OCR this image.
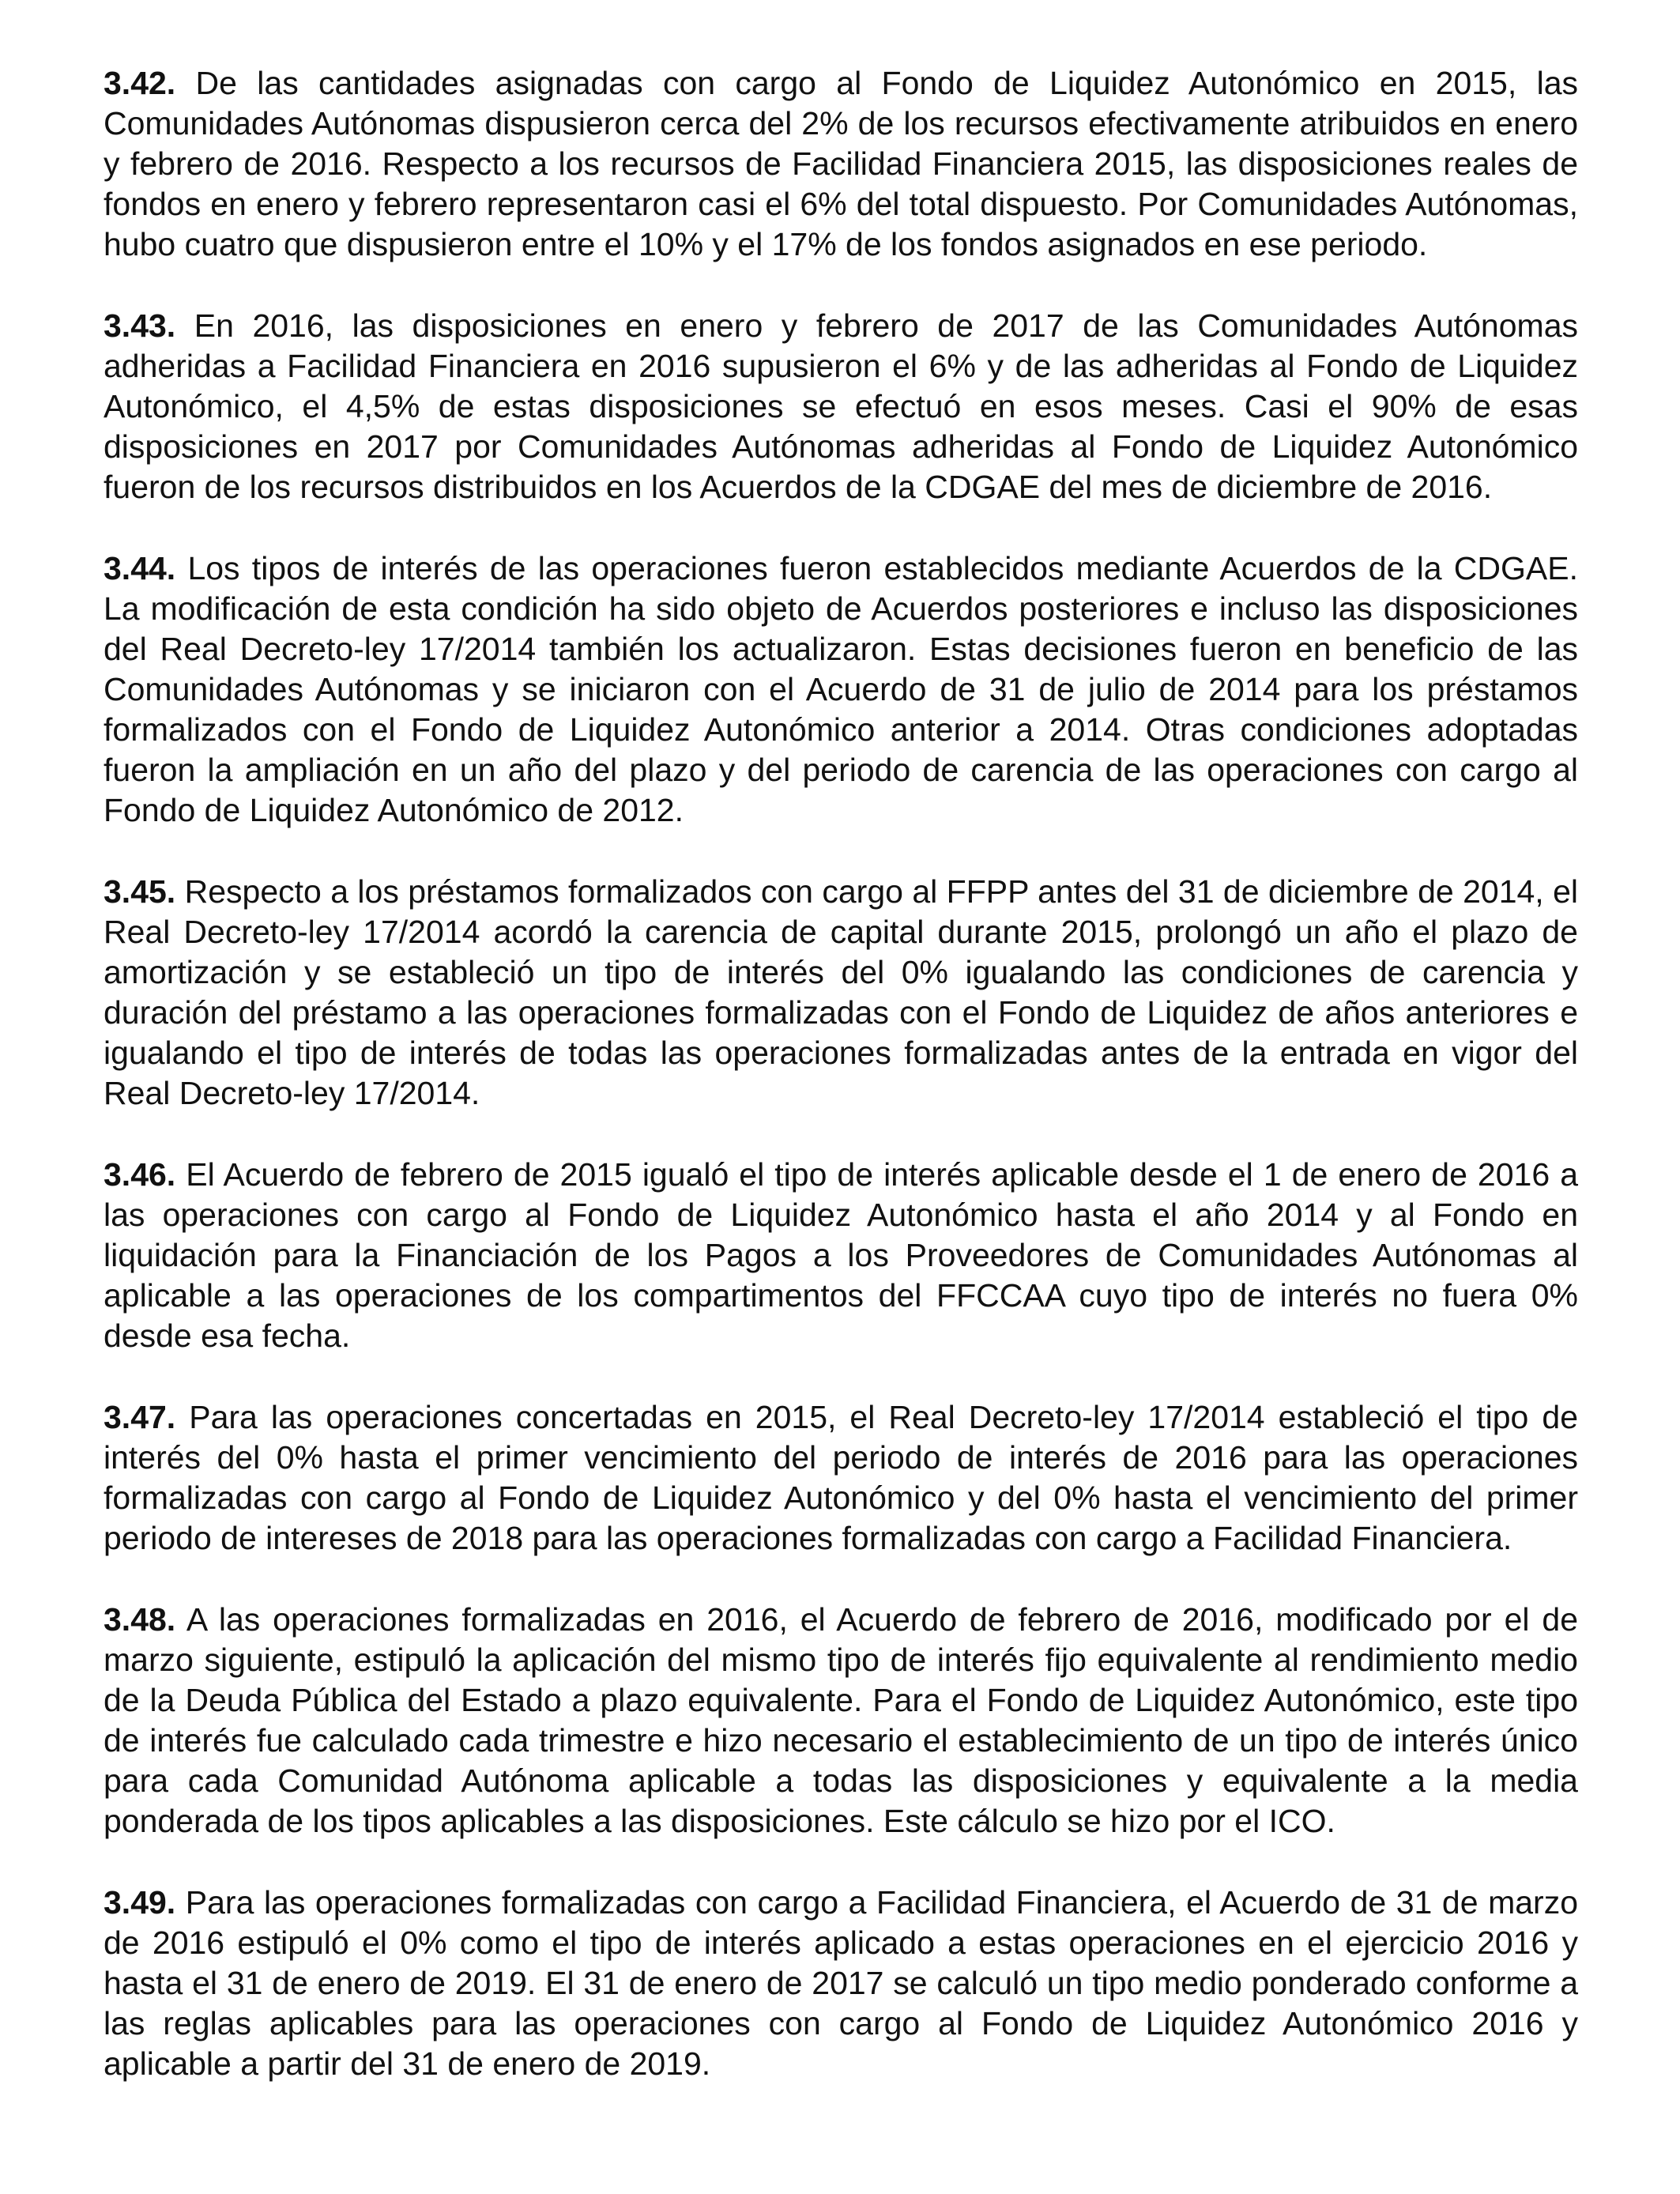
3.42. De las cantidades asignadas con cargo al Fondo de Liquidez Autonómico en 2015, las Comunidades Autónomas dispusieron cerca del 2% de los recursos efectivamente atribuidos en enero y febrero de 2016. Respecto a los recursos de Facilidad Financiera 2015, las disposiciones reales de fondos en enero y febrero representaron casi el 6% del total dispuesto. Por Comunidades Autónomas, hubo cuatro que dispusieron entre el 10% y el 17% de los fondos asignados en ese periodo.

3.43. En 2016, las disposiciones en enero y febrero de 2017 de las Comunidades Autónomas adheridas a Facilidad Financiera en 2016 supusieron el 6% y de las adheridas al Fondo de Liquidez Autonómico, el 4,5% de estas disposiciones se efectuó en esos meses. Casi el 90% de esas disposiciones en 2017 por Comunidades Autónomas adheridas al Fondo de Liquidez Autonómico fueron de los recursos distribuidos en los Acuerdos de la CDGAE del mes de diciembre de 2016.

3.44. Los tipos de interés de las operaciones fueron establecidos mediante Acuerdos de la CDGAE. La modificación de esta condición ha sido objeto de Acuerdos posteriores e incluso las disposiciones del Real Decreto-ley 17/2014 también los actualizaron. Estas decisiones fueron en beneficio de las Comunidades Autónomas y se iniciaron con el Acuerdo de 31 de julio de 2014 para los préstamos formalizados con el Fondo de Liquidez Autonómico anterior a 2014. Otras condiciones adoptadas fueron la ampliación en un año del plazo y del periodo de carencia de las operaciones con cargo al Fondo de Liquidez Autonómico de 2012.

3.45. Respecto a los préstamos formalizados con cargo al FFPP antes del 31 de diciembre de 2014, el Real Decreto-ley 17/2014 acordó la carencia de capital durante 2015, prolongó un año el plazo de amortización y se estableció un tipo de interés del 0% igualando las condiciones de carencia y duración del préstamo a las operaciones formalizadas con el Fondo de Liquidez de años anteriores e igualando el tipo de interés de todas las operaciones formalizadas antes de la entrada en vigor del Real Decreto-ley 17/2014.

3.46. El Acuerdo de febrero de 2015 igualó el tipo de interés aplicable desde el 1 de enero de 2016 a las operaciones con cargo al Fondo de Liquidez Autonómico hasta el año 2014 y al Fondo en liquidación para la Financiación de los Pagos a los Proveedores de Comunidades Autónomas al aplicable a las operaciones de los compartimentos del FFCCAA cuyo tipo de interés no fuera 0% desde esa fecha.

3.47. Para las operaciones concertadas en 2015, el Real Decreto-ley 17/2014 estableció el tipo de interés del 0% hasta el primer vencimiento del periodo de interés de 2016 para las operaciones formalizadas con cargo al Fondo de Liquidez Autonómico y del 0% hasta el vencimiento del primer periodo de intereses de 2018 para las operaciones formalizadas con cargo a Facilidad Financiera.

3.48. A las operaciones formalizadas en 2016, el Acuerdo de febrero de 2016, modificado por el de marzo siguiente, estipuló la aplicación del mismo tipo de interés fijo equivalente al rendimiento medio de la Deuda Pública del Estado a plazo equivalente. Para el Fondo de Liquidez Autonómico, este tipo de interés fue calculado cada trimestre e hizo necesario el establecimiento de un tipo de interés único para cada Comunidad Autónoma aplicable a todas las disposiciones y equivalente a la media ponderada de los tipos aplicables a las disposiciones. Este cálculo se hizo por el ICO.

3.49. Para las operaciones formalizadas con cargo a Facilidad Financiera, el Acuerdo de 31 de marzo de 2016 estipuló el 0% como el tipo de interés aplicado a estas operaciones en el ejercicio 2016 y hasta el 31 de enero de 2019. El 31 de enero de 2017 se calculó un tipo medio ponderado conforme a las reglas aplicables para las operaciones con cargo al Fondo de Liquidez Autonómico 2016 y aplicable a partir del 31 de enero de 2019.
